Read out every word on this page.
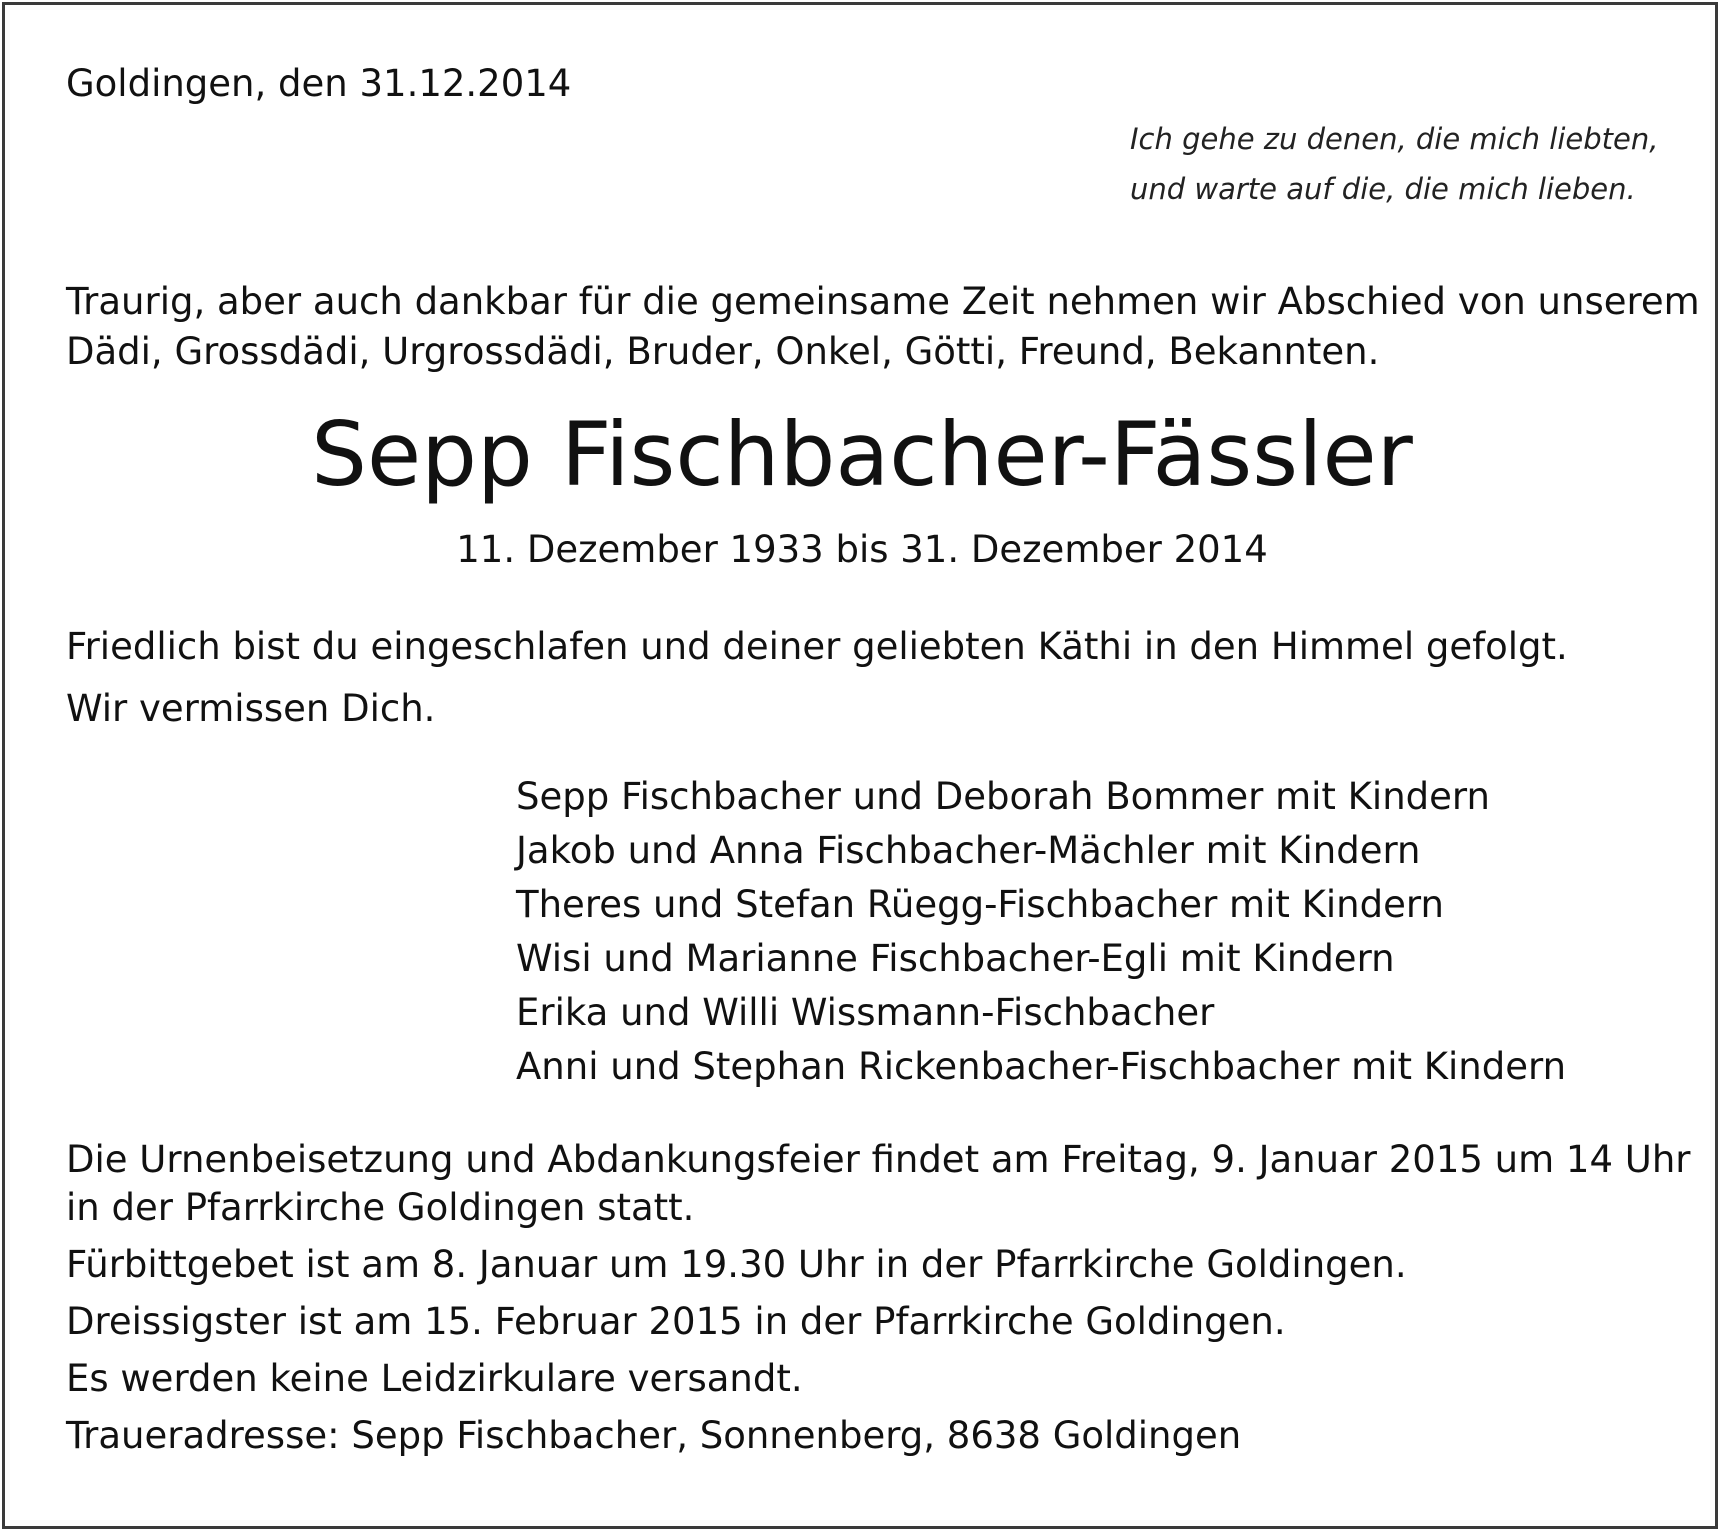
Goldingen, den 31.12.2014
Ich gehe zu denen, die mich liebten,
und warte auf die, die mich lieben.
Traurig, aber auch dankbar für die gemeinsame Zeit nehmen wir Abschied von unserem
Dädi, Grossdädi, Urgrossdädi, Bruder, Onkel, Götti, Freund, Bekannten.
Sepp Fischbacher-Fässler
11. Dezember 1933 bis 31. Dezember 2014
Friedlich bist du eingeschlafen und deiner geliebten Käthi in den Himmel gefolgt.
Wir vermissen Dich.
Sepp Fischbacher und Deborah Bommer mit Kindern
Jakob und Anna Fischbacher-Mächler mit Kindern
Theres und Stefan Rüegg-Fischbacher mit Kindern
Wisi und Marianne Fischbacher-Egli mit Kindern
Erika und Willi Wissmann-Fischbacher
Anni und Stephan Rickenbacher-Fischbacher mit Kindern
Die Urnenbeisetzung und Abdankungsfeier findet am Freitag, 9. Januar 2015 um 14 Uhr
in der Pfarrkirche Goldingen statt.
Fürbittgebet ist am 8. Januar um 19.30 Uhr in der Pfarrkirche Goldingen.
Dreissigster ist am 15. Februar 2015 in der Pfarrkirche Goldingen.
Es werden keine Leidzirkulare versandt.
Traueradresse: Sepp Fischbacher, Sonnenberg, 8638 Goldingen
